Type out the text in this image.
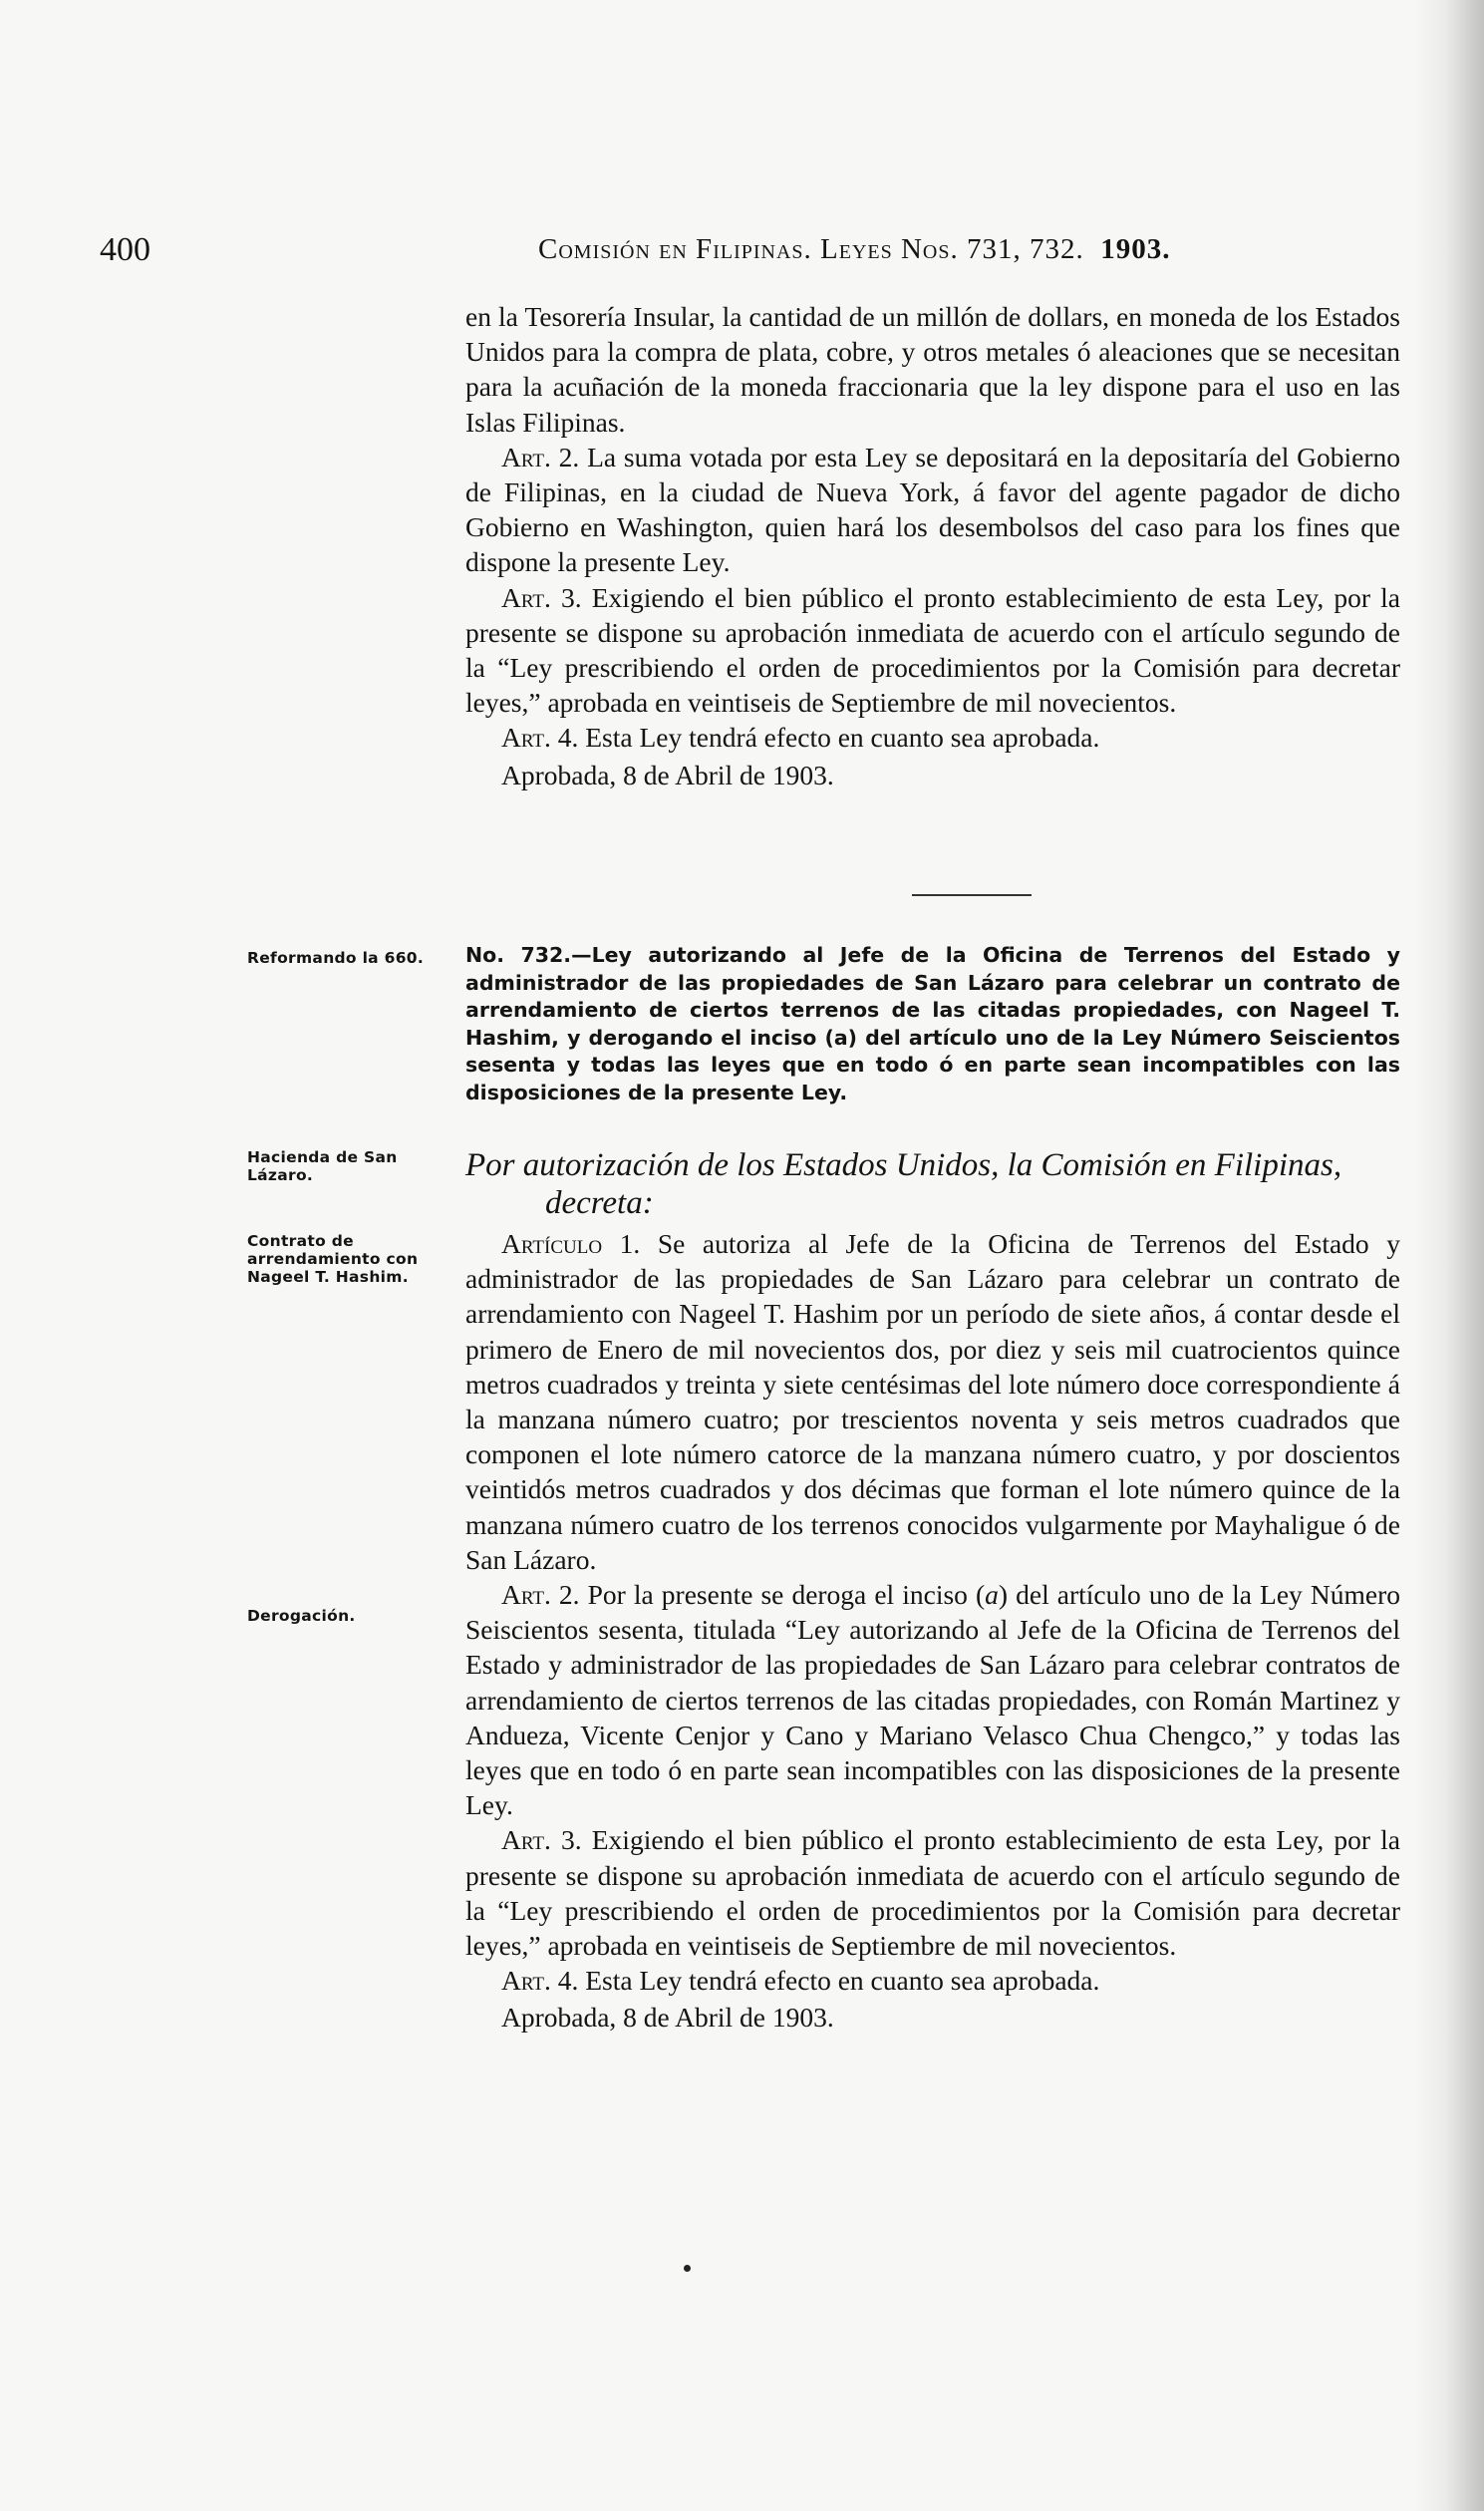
400	Comisión en Filipinas. Leyes Nos. 731, 732. 1903.

en la Tesorería Insular, la cantidad de un millón de dollars, en moneda de los Estados Unidos para la compra de plata, cobre, y otros metales ó aleaciones que se necesitan para la acuñación de la moneda fraccionaria que la ley dispone para el uso en las Islas Filipinas.

Art. 2. La suma votada por esta Ley se depositará en la depositaría del Gobierno de Filipinas, en la ciudad de Nueva York, á favor del agente pagador de dicho Gobierno en Washington, quien hará los desembolsos del caso para los fines que dispone la presente Ley.

Art. 3. Exigiendo el bien público el pronto establecimiento de esta Ley, por la presente se dispone su aprobación inmediata de acuerdo con el artículo segundo de la “Ley prescribiendo el orden de procedimientos por la Comisión para decretar leyes,” aprobada en veintiseis de Septiembre de mil novecientos.

Art. 4. Esta Ley tendrá efecto en cuanto sea aprobada.

Aprobada, 8 de Abril de 1903.

Reformando la 660.	No. 732.—Ley autorizando al Jefe de la Oficina de Terrenos del Estado y administrador de las propiedades de San Lázaro para celebrar un contrato de arrendamiento de ciertos terrenos de las citadas propiedades, con Nageel T. Hashim, y derogando el inciso (a) del artículo uno de la Ley Número Seiscientos sesenta y todas las leyes que en todo ó en parte sean incompatibles con las disposiciones de la presente Ley.
Hacienda de San Lázaro.	Por autorización de los Estados Unidos, la Comisión en Filipinas,
decreta:
Contrato de arrendamiento con Nageel T. Hashim.
Derogación.

Artículo 1. Se autoriza al Jefe de la Oficina de Terrenos del Estado y administrador de las propiedades de San Lázaro para celebrar un contrato de arrendamiento con Nageel T. Hashim por un período de siete años, á contar desde el primero de Enero de mil novecientos dos, por diez y seis mil cuatrocientos quince metros cuadrados y treinta y siete centésimas del lote número doce correspondiente á la manzana número cuatro; por trescientos noventa y seis metros cuadrados que componen el lote número catorce de la manzana número cuatro, y por doscientos veintidós metros cuadrados y dos décimas que forman el lote número quince de la manzana número cuatro de los terrenos conocidos vulgarmente por Mayhaligue ó de San Lázaro.

Art. 2. Por la presente se deroga el inciso (a) del artículo uno de la Ley Número Seiscientos sesenta, titulada “Ley autorizando al Jefe de la Oficina de Terrenos del Estado y administrador de las propiedades de San Lázaro para celebrar contratos de arrendamiento de ciertos terrenos de las citadas propiedades, con Román Martinez y Andueza, Vicente Cenjor y Cano y Mariano Velasco Chua Chengco,” y todas las leyes que en todo ó en parte sean incompatibles con las disposiciones de la presente Ley.

Art. 3. Exigiendo el bien público el pronto establecimiento de esta Ley, por la presente se dispone su aprobación inmediata de acuerdo con el artículo segundo de la “Ley prescribiendo el orden de procedimientos por la Comisión para decretar leyes,” aprobada en veintiseis de Septiembre de mil novecientos.

Art. 4. Esta Ley tendrá efecto en cuanto sea aprobada.

Aprobada, 8 de Abril de 1903.
